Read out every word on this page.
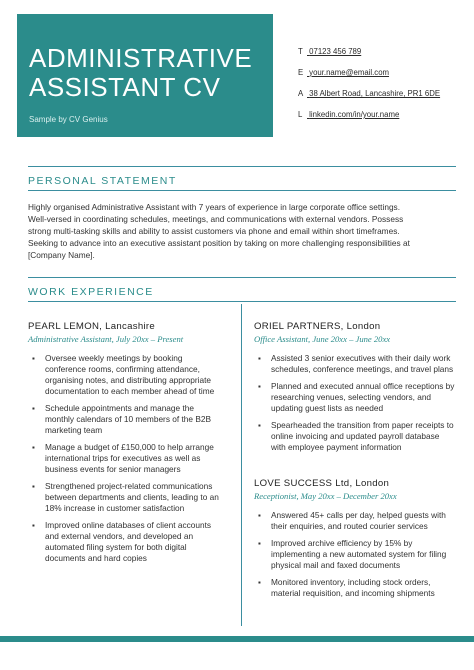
ADMINISTRATIVE
ASSISTANT CV
Sample by CV Genius
T 07123 456 789
E your.name@email.com
A 38 Albert Road, Lancashire, PR1 6DE
L linkedin.com/in/your.name
PERSONAL STATEMENT

Highly organised Administrative Assistant with 7 years of experience in large corporate office settings.
Well-versed in coordinating schedules, meetings, and communications with external vendors. Possess
strong multi-tasking skills and ability to assist customers via phone and email within short timeframes.
Seeking to advance into an executive assistant position by taking on more challenging responsibilities at
[Company Name].

WORK EXPERIENCE

PEARL LEMON, Lancashire

Administrative Assistant, July 20xx – Present

▪ Oversee weekly meetings by booking
conference rooms, confirming attendance,
organising notes, and distributing appropriate
documentation to each member ahead of time
▪ Schedule appointments and manage the
monthly calendars of 10 members of the B2B
marketing team
▪ Manage a budget of £150,000 to help arrange
international trips for executives as well as
business events for senior managers
▪ Strengthened project-related communications
between departments and clients, leading to an
18% increase in customer satisfaction
▪ Improved online databases of client accounts
and external vendors, and developed an
automated filing system for both digital
documents and hard copies

ORIEL PARTNERS, London

Office Assistant, June 20xx – June 20xx

▪ Assisted 3 senior executives with their daily work
schedules, conference meetings, and travel plans
▪ Planned and executed annual office receptions by
researching venues, selecting vendors, and
updating guest lists as needed
▪ Spearheaded the transition from paper receipts to
online invoicing and updated payroll database
with employee payment information

LOVE SUCCESS Ltd, London

Receptionist, May 20xx – December 20xx

▪ Answered 45+ calls per day, helped guests with
their enquiries, and routed courier services
▪ Improved archive efficiency by 15% by
implementing a new automated system for filing
physical mail and faxed documents
▪ Monitored inventory, including stock orders,
material requisition, and incoming shipments
